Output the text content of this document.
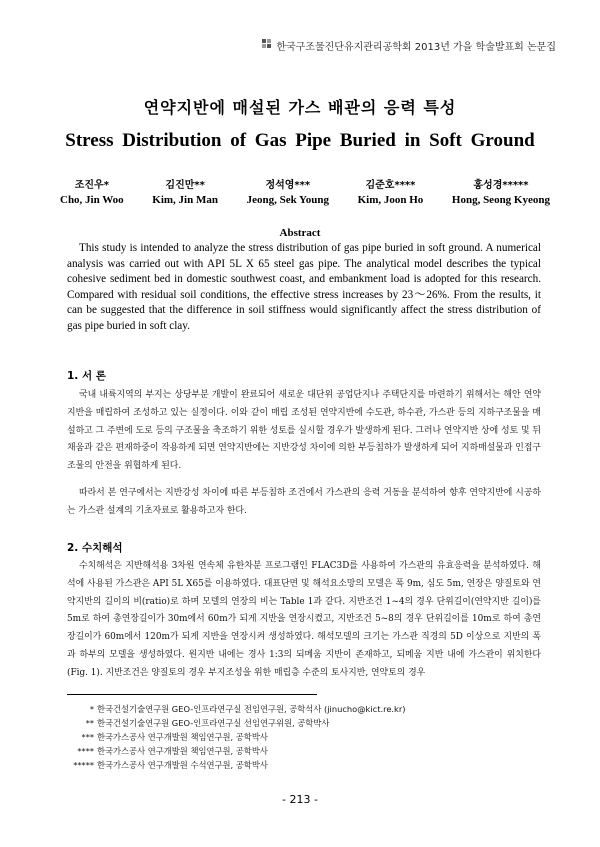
한국구조물진단유지관리공학회 2013년 가을 학술발표회 논문집
연약지반에 매설된 가스 배관의 응력 특성
Stress Distribution of Gas Pipe Buried in Soft Ground
조진우*
Cho, Jin Woo
김진만**
Kim, Jin Man
정석영***
Jeong, Sek Young
김준호****
Kim, Joon Ho
홍성경*****
Hong, Seong Kyeong
Abstract

This study is intended to analyze the stress distribution of gas pipe buried in soft ground. A numerical analysis was carried out with API 5L X 65 steel gas pipe. The analytical model describes the typical cohesive sediment bed in domestic southwest coast, and embankment load is adopted for this research. Compared with residual soil conditions, the effective stress increases by 23～26%. From the results, it can be suggested that the difference in soil stiffness would significantly affect the stress distribution of gas pipe buried in soft clay.

1. 서 론

국내 내륙지역의 부지는 상당부분 개발이 완료되어 새로운 대단위 공업단지나 주택단지를 마련하기 위해서는 해안 연약지반을 매립하여 조성하고 있는 실정이다. 이와 같이 매립 조성된 연약지반에 수도관, 하수관, 가스관 등의 지하구조물을 매설하고 그 주변에 도로 등의 구조물을 축조하기 위한 성토를 실시할 경우가 발생하게 된다. 그러나 연약지반 상에 성토 및 뒤채움과 같은 편재하중이 작용하게 되면 연약지반에는 지반강성 차이에 의한 부등침하가 발생하게 되어 지하매설물과 인접구조물의 안전을 위협하게 된다.

따라서 본 연구에서는 지반강성 차이에 따른 부등침하 조건에서 가스관의 응력 거동을 분석하여 향후 연약지반에 시공하는 가스관 설계의 기초자료로 활용하고자 한다.

2. 수치해석

수치해석은 지반해석용 3차원 연속체 유한차분 프로그램인 FLAC3D를 사용하여 가스관의 유효응력을 분석하였다. 해석에 사용된 가스관은 API 5L X65를 이용하였다. 대표단면 및 해석요소망의 모델은 폭 9m, 심도 5m, 연장은 양질토와 연약지반의 길이의 비(ratio)로 하며 모델의 연장의 비는 Table 1과 같다. 지반조건 1~4의 경우 단위길이(연약지반 길이)를 5m로 하여 총연장길이가 30m에서 60m가 되게 지반을 연장시켰고, 지반조건 5~8의 경우 단위길이를 10m로 하여 총연장길이가 60m에서 120m가 되게 지반을 연장시켜 생성하였다. 해석모델의 크기는 가스관 직경의 5D 이상으로 지반의 폭과 하부의 모델을 생성하였다. 원지반 내에는 경사 1:3의 되메움 지반이 존재하고, 되메움 지반 내에 가스관이 위치한다(Fig. 1). 지반조건은 양질토의 경우 부지조성을 위한 매립층 수준의 토사지반, 연약토의 경우

* 한국건설기술연구원 GEO-인프라연구실 전임연구원, 공학석사 (jinucho@kict.re.kr)
** 한국건설기술연구원 GEO-인프라연구실 선임연구위원, 공학박사
*** 한국가스공사 연구개발원 책임연구원, 공학박사
**** 한국가스공사 연구개발원 책임연구원, 공학박사
***** 한국가스공사 연구개발원 수석연구원, 공학박사
- 213 -
